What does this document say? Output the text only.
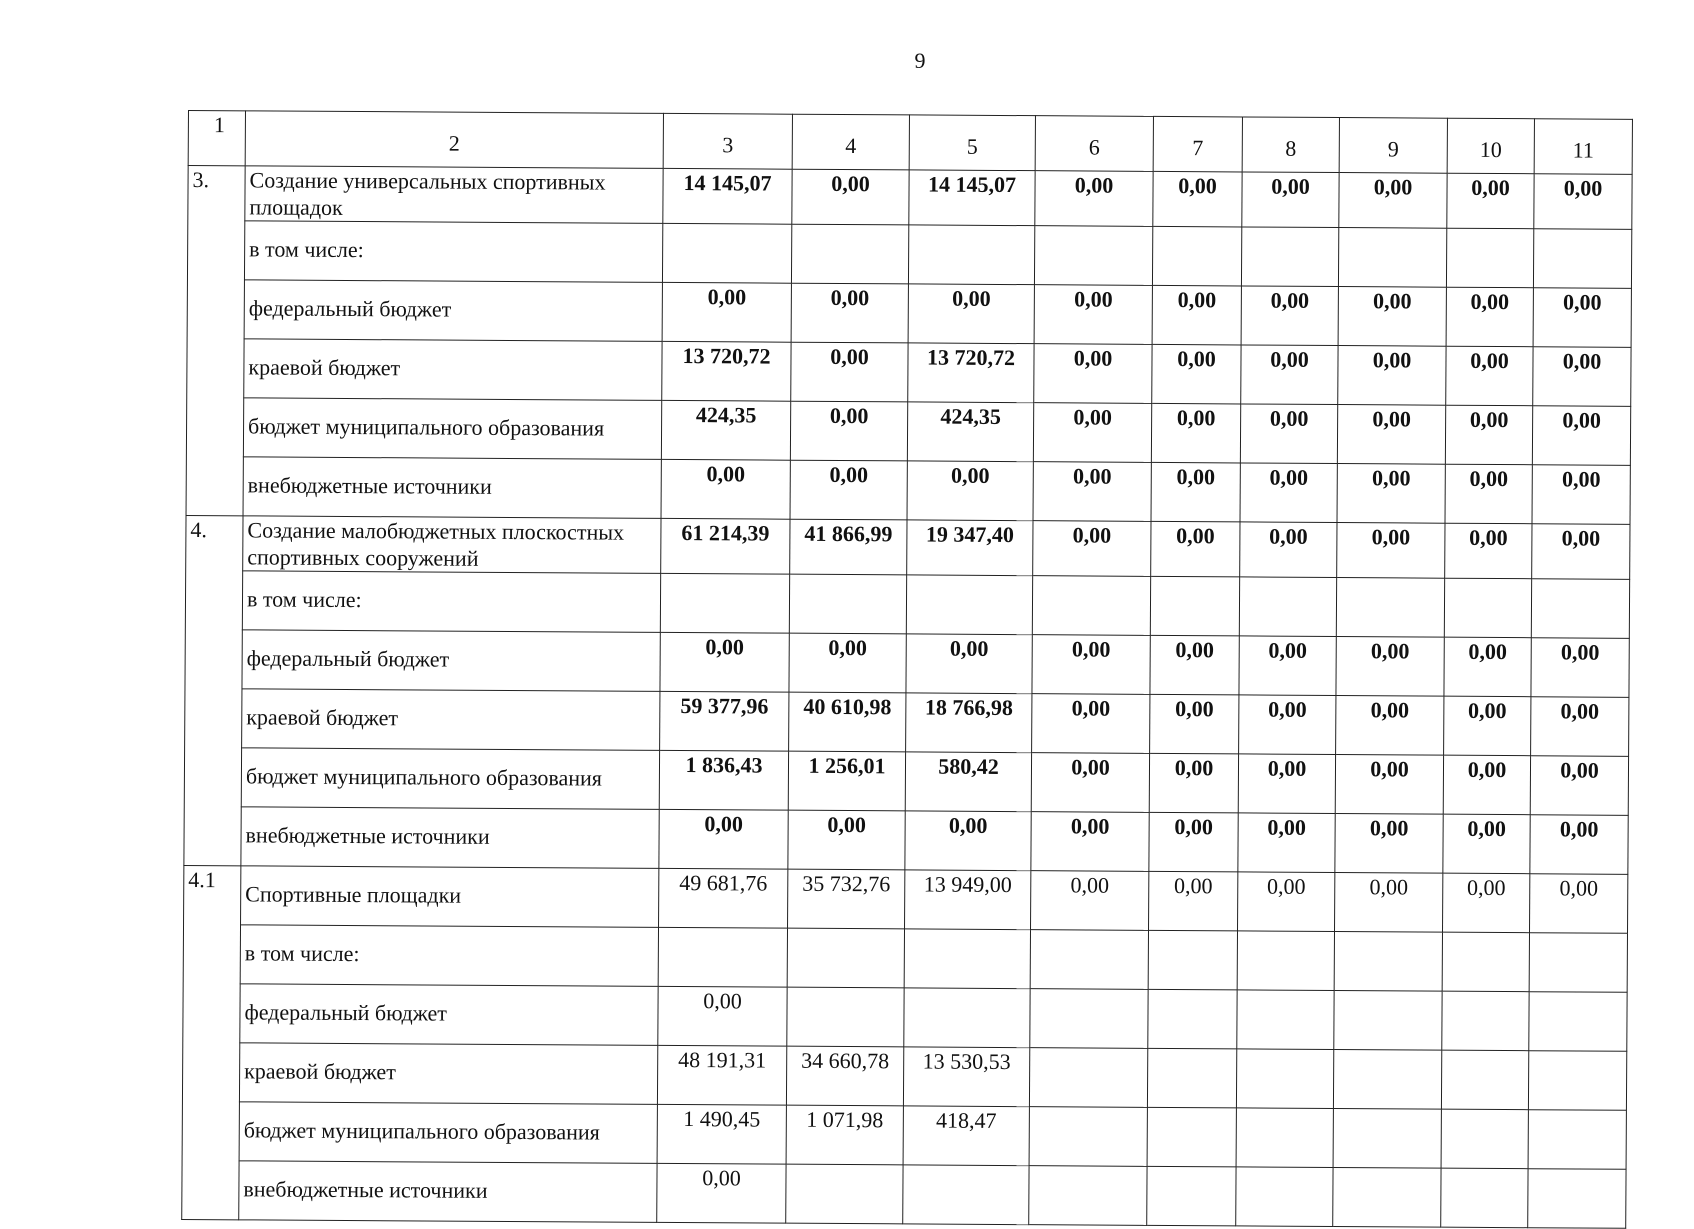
9
1	2	3	4	5	6	7	8	9	10	11
3.	Создание универсальных спортивных площадок	14 145,07	0,00	14 145,07	0,00	0,00	0,00	0,00	0,00	0,00
	в том числе:									
	федеральный бюджет	0,00	0,00	0,00	0,00	0,00	0,00	0,00	0,00	0,00
	краевой бюджет	13 720,72	0,00	13 720,72	0,00	0,00	0,00	0,00	0,00	0,00
	бюджет муниципального образования	424,35	0,00	424,35	0,00	0,00	0,00	0,00	0,00	0,00
	внебюджетные источники	0,00	0,00	0,00	0,00	0,00	0,00	0,00	0,00	0,00
4.	Создание малобюджетных плоскостных спортивных сооружений	61 214,39	41 866,99	19 347,40	0,00	0,00	0,00	0,00	0,00	0,00
	в том числе:									
	федеральный бюджет	0,00	0,00	0,00	0,00	0,00	0,00	0,00	0,00	0,00
	краевой бюджет	59 377,96	40 610,98	18 766,98	0,00	0,00	0,00	0,00	0,00	0,00
	бюджет муниципального образования	1 836,43	1 256,01	580,42	0,00	0,00	0,00	0,00	0,00	0,00
	внебюджетные источники	0,00	0,00	0,00	0,00	0,00	0,00	0,00	0,00	0,00
4.1	Спортивные площадки	49 681,76	35 732,76	13 949,00	0,00	0,00	0,00	0,00	0,00	0,00
	в том числе:									
	федеральный бюджет	0,00								
	краевой бюджет	48 191,31	34 660,78	13 530,53						
	бюджет муниципального образования	1 490,45	1 071,98	418,47						
	внебюджетные источники	0,00								
